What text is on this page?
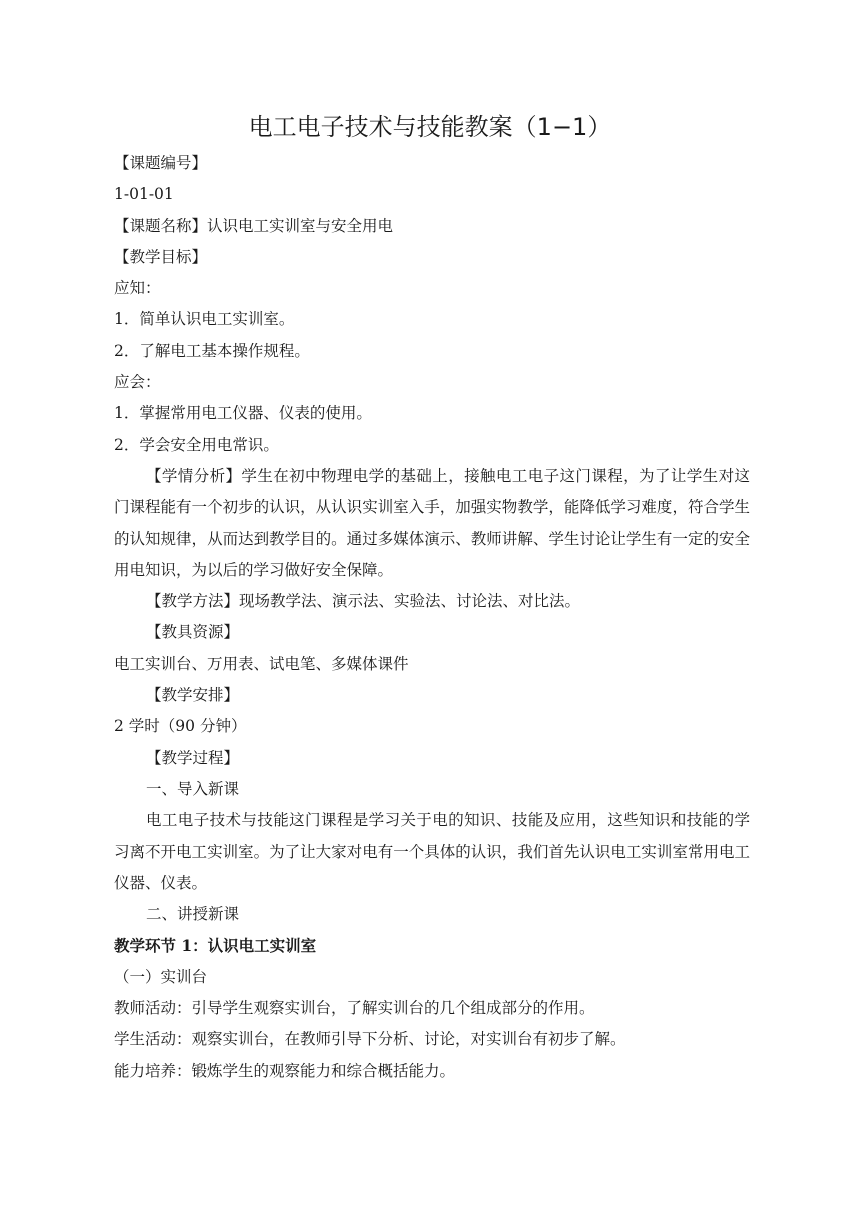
电工电子技术与技能教案（1−1）

【课题编号】

1-01-01

【课题名称】认识电工实训室与安全用电

【教学目标】

应知：

1．简单认识电工实训室。

2．了解电工基本操作规程。

应会：

1．掌握常用电工仪器、仪表的使用。

2．学会安全用电常识。

【学情分析】学生在初中物理电学的基础上，接触电工电子这门课程，为了让学生对这门课程能有一个初步的认识，从认识实训室入手，加强实物教学，能降低学习难度，符合学生的认知规律，从而达到教学目的。通过多媒体演示、教师讲解、学生讨论让学生有一定的安全用电知识，为以后的学习做好安全保障。

【教学方法】现场教学法、演示法、实验法、讨论法、对比法。

【教具资源】

电工实训台、万用表、试电笔、多媒体课件

【教学安排】

2 学时（90 分钟）

【教学过程】

一、导入新课

电工电子技术与技能这门课程是学习关于电的知识、技能及应用，这些知识和技能的学习离不开电工实训室。为了让大家对电有一个具体的认识，我们首先认识电工实训室常用电工仪器、仪表。

二、讲授新课

教学环节 1：认识电工实训室

（一）实训台

教师活动：引导学生观察实训台，了解实训台的几个组成部分的作用。

学生活动：观察实训台，在教师引导下分析、讨论，对实训台有初步了解。

能力培养：锻炼学生的观察能力和综合概括能力。
